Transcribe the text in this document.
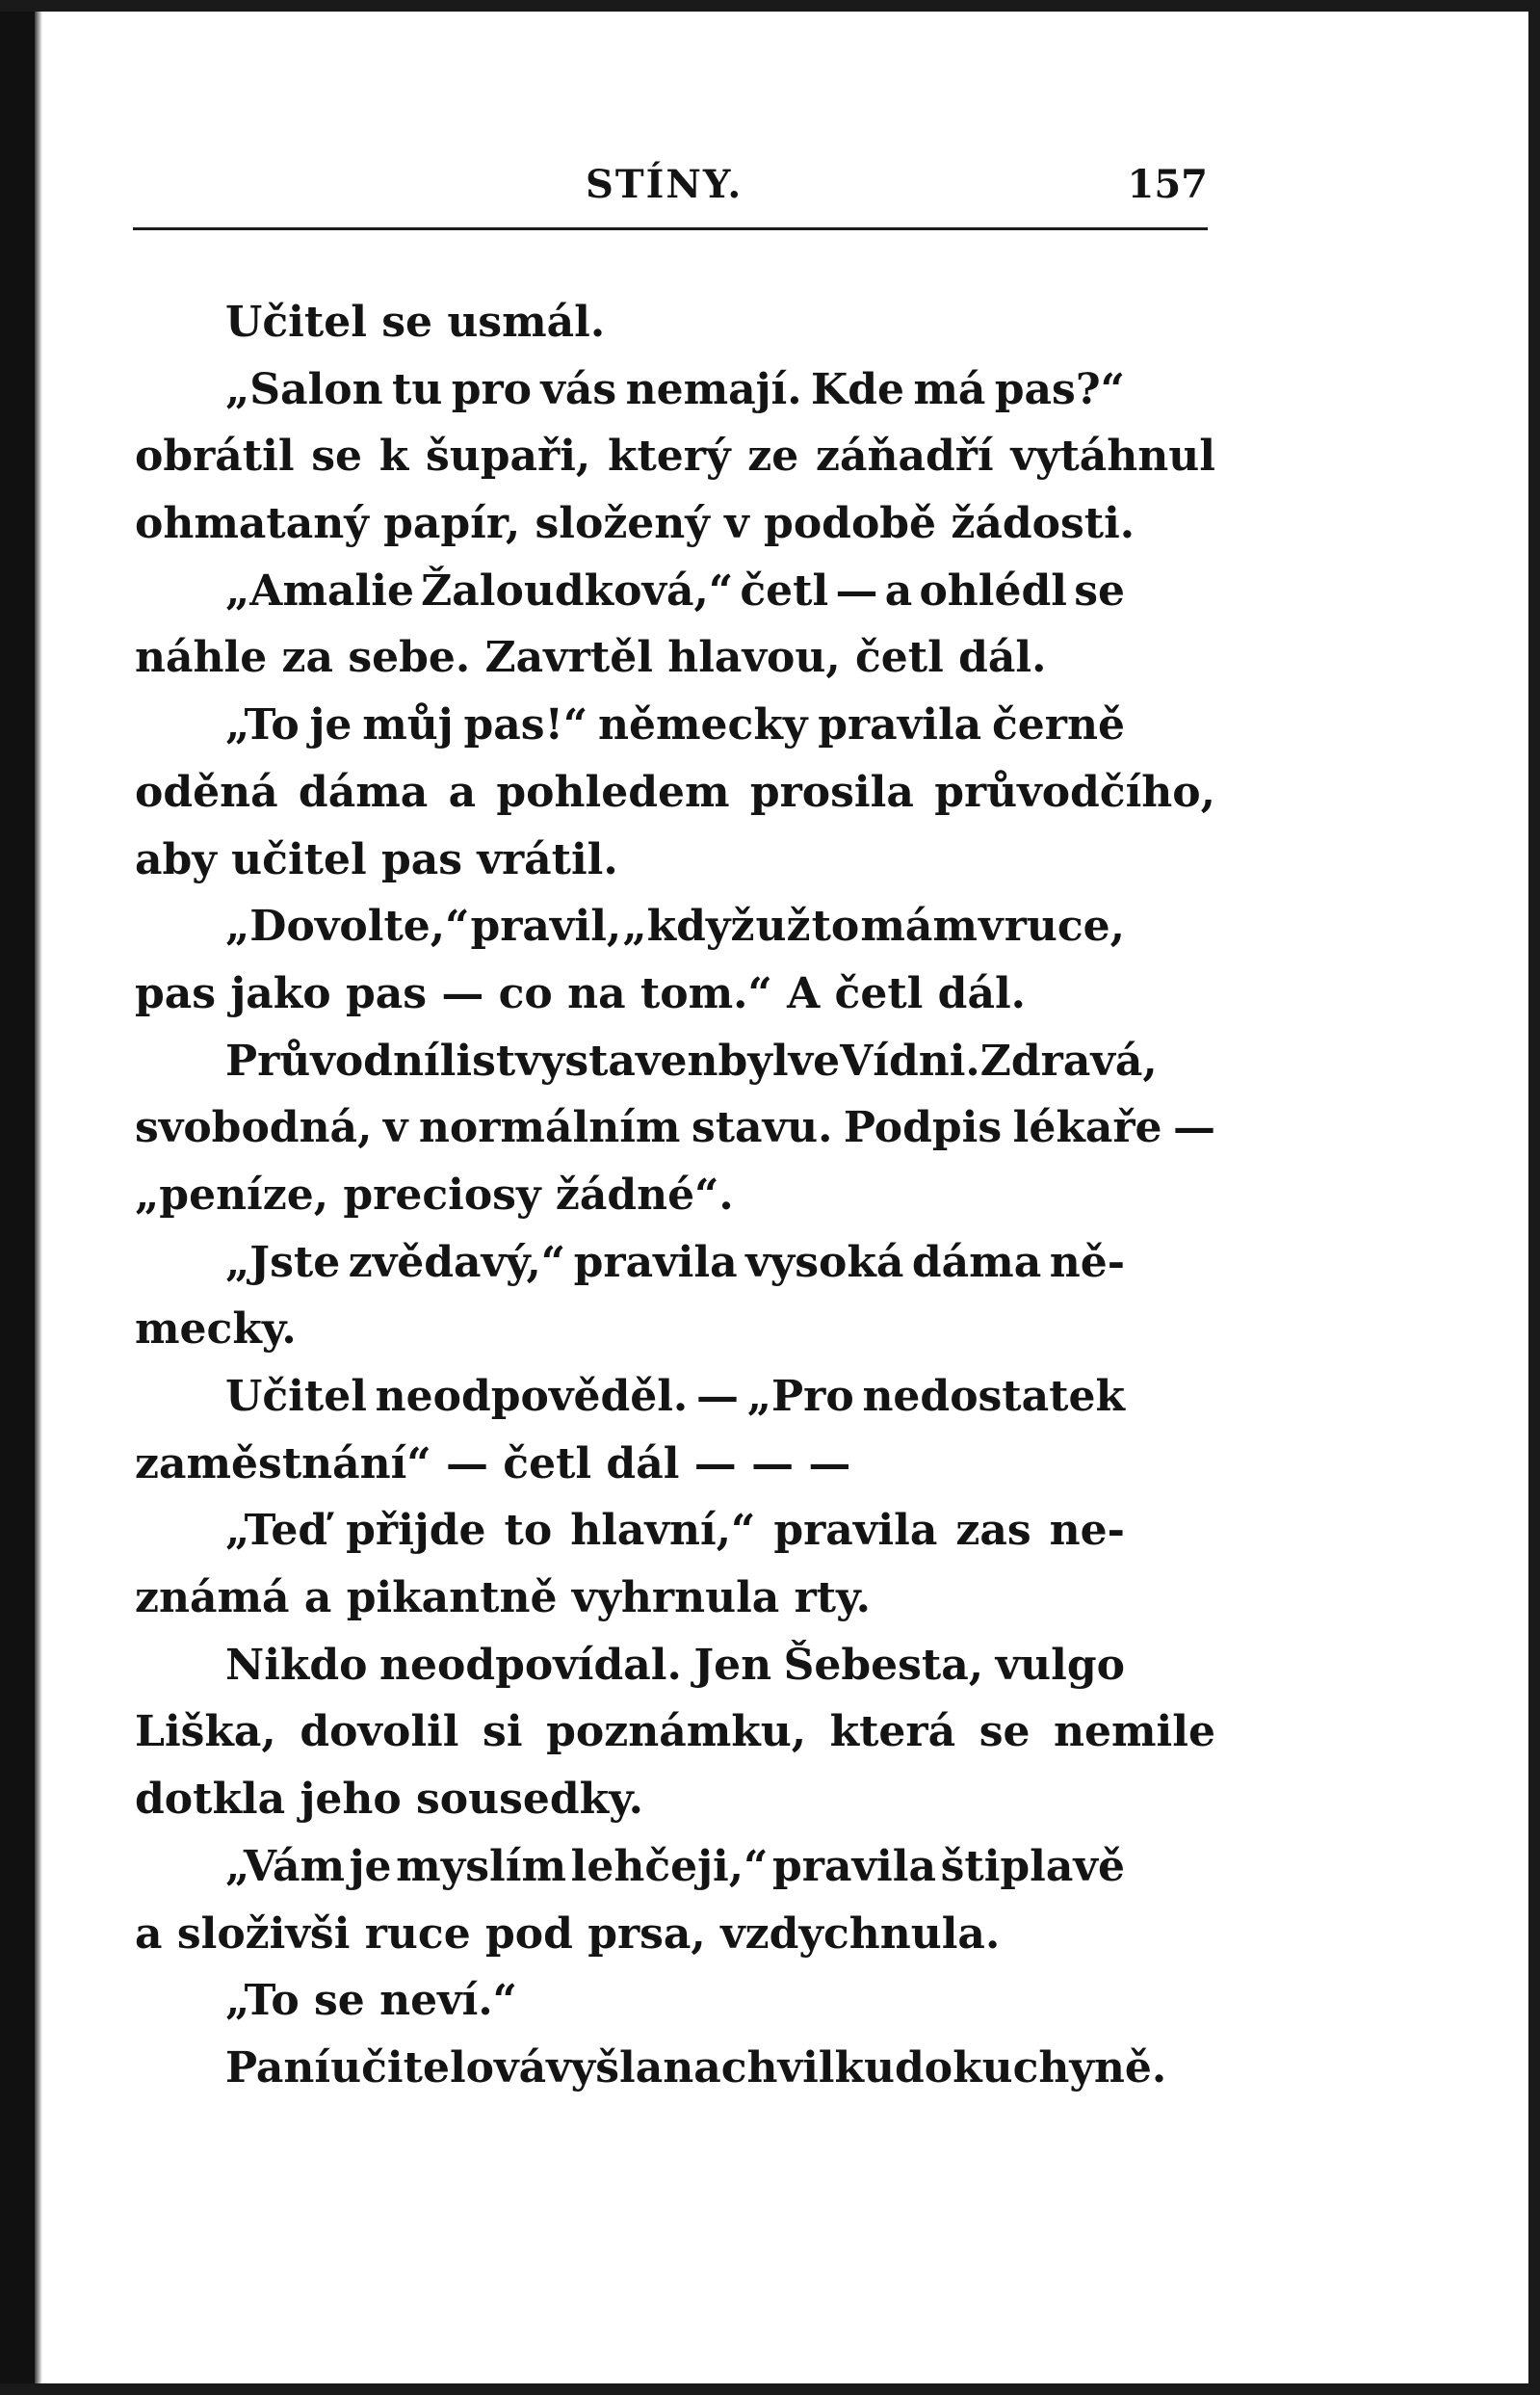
STÍNY.	157
Učitel se usmál.
„Salon tu pro vás nemají. Kde má pas?“
obrátil se k šupaři, který ze záňadří vytáhnul
ohmataný papír, složený v podobě žádosti.
„Amalie Žaloudková,“ četl — a ohlédl se
náhle za sebe. Zavrtěl hlavou, četl dál.
„To je můj pas!“ německy pravila černě
oděná dáma a pohledem prosila průvodčího,
aby učitel pas vrátil.
„Dovolte,“ pravil, „když už to mám v ruce,
pas jako pas — co na tom.“ A četl dál.
Průvodní list vystaven byl ve Vídni. Zdravá,
svobodná, v normálním stavu. Podpis lékaře —
„peníze, preciosy žádné“.
„Jste zvědavý,“ pravila vysoká dáma ně-
mecky.
Učitel neodpověděl. — „Pro nedostatek
zaměstnání“ — četl dál — — —
„Teď přijde to hlavní,“ pravila zas ne-
známá a pikantně vyhrnula rty.
Nikdo neodpovídal. Jen Šebesta, vulgo
Liška, dovolil si poznámku, která se nemile
dotkla jeho sousedky.
„Vám je myslím lehčeji,“ pravila štiplavě
a složivši ruce pod prsa, vzdychnula.
„To se neví.“
Paní učitelová vyšla na chvilku do kuchyně.
